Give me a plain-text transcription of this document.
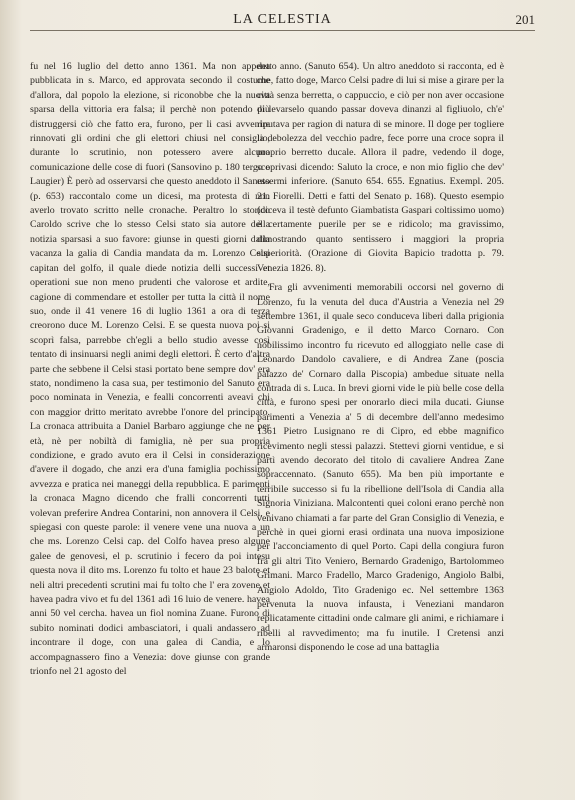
LA CELESTIA	201

fu nel 16 luglio del detto anno 1361. Ma non appena pubblicata in s. Marco, ed approvata secondo il costume d'allora, dal popolo la elezione, si riconobbe che la nuova sparsa della vittoria era falsa; il perchè non potendo più distruggersi ciò che fatto era, furono, per li casi avvenire rinnovati gli ordini che gli elettori chiusi nel consiglio, durante lo scrutinio, non potessero avere alcuna comunicazione delle cose di fuori (Sansovino p. 180 tergo e Laugier) È però ad osservarsi che questo aneddoto il Sanuto (p. 653) raccontalo come un dicesi, ma protesta di non averlo trovato scritto nelle cronache. Peraltro lo storico Caroldo scrive che lo stesso Celsi stato sia autore della notizia sparsasi a suo favore: giunse in questi giorni dalla vacanza la galia di Candia mandata da m. Lorenzo Celsi capitan del golfo, il quale diede notizia delli successi et operationi sue non meno prudenti che valorose et ardite, cagione di commendare et estoller per tutta la città il nome suo, onde il 41 venere 16 di luglio 1361 a ora di terza creorono duce M. Lorenzo Celsi. E se questa nuova poi si scoprì falsa, parrebbe ch'egli a bello studio avesse così tentato di insinuarsi negli animi degli elettori. È certo d'altra parte che sebbene il Celsi stasi portato bene sempre dov' era stato, nondimeno la casa sua, per testimonio del Sanuto era poco nominata in Venezia, e fealli concorrenti aveavi chi con maggior dritto meritato avrebbe l'onore del principato. La cronaca attribuita a Daniel Barbaro aggiunge che ne per età, nè per nobiltà di famiglia, nè per sua propria condizione, e grado avuto era il Celsi in considerazione d'avere il dogado, che anzi era d'una famiglia pochissimo avvezza e pratica nei maneggi della repubblica. E parimenti la cronaca Magno dicendo che fralli concorrenti tutti volevan preferire Andrea Contarini, non annovera il Celsi, e spiegasi con queste parole: il venere vene una nuova a un che ms. Lorenzo Celsi cap. del Colfo havea preso algune galee de genovesi, el p. scrutinio i fecero da poi intesu questa nova il dito ms. Lorenzo fu tolto et haue 23 balote et neli altri precedenti scrutini mai fu tolto che l' era zovene et havea padra vivo et fu del 1361 adì 16 luio de venere. havea anni 50 vel cercha. havea un fiol nomina Zuane. Furono di subito nominati dodici ambasciatori, i quali andassero ad incontrare il doge, con una galea di Candia, e lo accompagnassero fino a Venezia: dove giunse con grande trionfo nel 21 agosto del

detto anno. (Sanuto 654). Un altro aneddoto si racconta, ed è che, fatto doge, Marco Celsi padre di lui si mise a girare per la città senza berretta, o cappuccio, e ciò per non aver occasione di levarselo quando passar doveva dinanzi al figliuolo, ch'e' riputava per ragion di natura di se minore. Il doge per togliere la debolezza del vecchio padre, fece porre una croce sopra il proprio berretto ducale. Allora il padre, vedendo il doge, scoprivasi dicendo: Saluto la croce, e non mio figlio che dev' essermi inferiore. (Sanuto 654. 655. Egnatius. Exempl. 205. 21. Fiorelli. Detti e fatti del Senato p. 168). Questo esempio (diceva il testè defunto Giambatista Gaspari coltissimo uomo) è certamente puerile per se e ridicolo; ma gravissimo, dimostrando quanto sentissero i maggiori la propria superiorità. (Orazione di Giovita Bapicio tradotta p. 79. Venezia 1826. 8).

Fra gli avvenimenti memorabili occorsi nel governo di Lorenzo, fu la venuta del duca d'Austria a Venezia nel 29 settembre 1361, il quale seco conduceva liberi dalla prigionia Giovanni Gradenigo, e il detto Marco Cornaro. Con nobilissimo incontro fu ricevuto ed alloggiato nelle case di Leonardo Dandolo cavaliere, e di Andrea Zane (poscia palazzo de' Cornaro dalla Piscopia) ambedue situate nella contrada di s. Luca. In brevi giorni vide le più belle cose della città, e furono spesi per onorarlo dieci mila ducati. Giunse parimenti a Venezia a' 5 di decembre dell'anno medesimo 1361 Pietro Lusignano re di Cipro, ed ebbe magnifico ricevimento negli stessi palazzi. Stettevi giorni ventidue, e si partì avendo decorato del titolo di cavaliere Andrea Zane sopraccennato. (Sanuto 655). Ma ben più importante e terribile successo si fu la ribellione dell'Isola di Candia alla Signoria Viniziana. Malcontenti quei coloni erano perchè non venivano chiamati a far parte del Gran Consiglio di Venezia, e perchè in quei giorni erasi ordinata una nuova imposizione per l'acconciamento di quel Porto. Capi della congiura furon fra gli altri Tito Veniero, Bernardo Gradenigo, Bartolommeo Grimani. Marco Fradello, Marco Gradenigo, Angiolo Balbi, Angiolo Adoldo, Tito Gradenigo ec. Nel settembre 1363 pervenuta la nuova infausta, i Veneziani mandaron replicatamente cittadini onde calmare gli animi, e richiamare i ribelli al ravvedimento; ma fu inutile. I Cretensi anzi armaronsi disponendo le cose ad una battaglia
